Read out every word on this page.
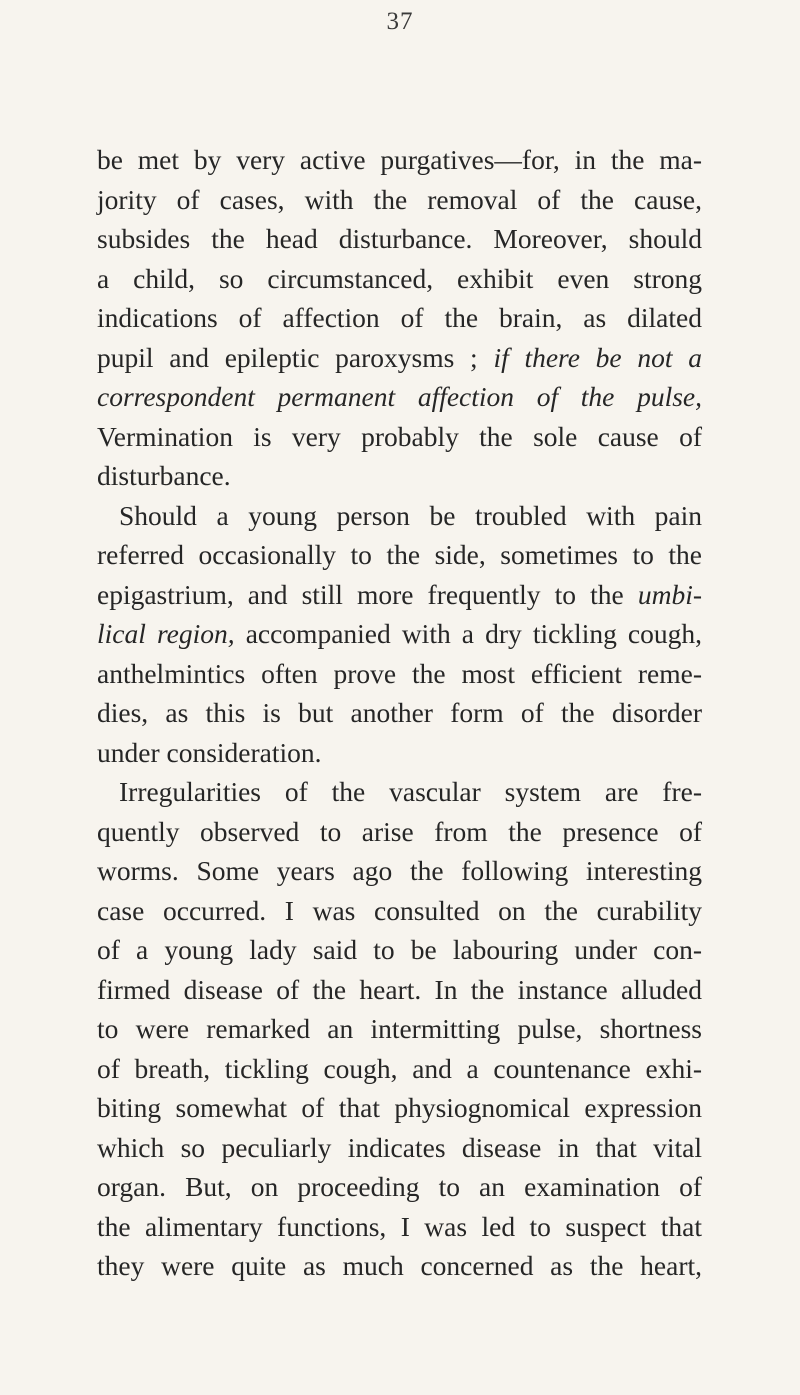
37
be met by very active purgatives—for, in the ma-
jority of cases, with the removal of the cause,
subsides the head disturbance. Moreover, should
a child, so circumstanced, exhibit even strong
indications of affection of the brain, as dilated
pupil and epileptic paroxysms ; if there be not a
correspondent permanent affection of the pulse,
Vermination is very probably the sole cause of
disturbance.
Should a young person be troubled with pain
referred occasionally to the side, sometimes to the
epigastrium, and still more frequently to the umbi-
lical region, accompanied with a dry tickling cough,
anthelmintics often prove the most efficient reme-
dies, as this is but another form of the disorder
under consideration.
Irregularities of the vascular system are fre-
quently observed to arise from the presence of
worms. Some years ago the following interesting
case occurred. I was consulted on the curability
of a young lady said to be labouring under con-
firmed disease of the heart. In the instance alluded
to were remarked an intermitting pulse, shortness
of breath, tickling cough, and a countenance exhi-
biting somewhat of that physiognomical expression
which so peculiarly indicates disease in that vital
organ. But, on proceeding to an examination of
the alimentary functions, I was led to suspect that
they were quite as much concerned as the heart,
